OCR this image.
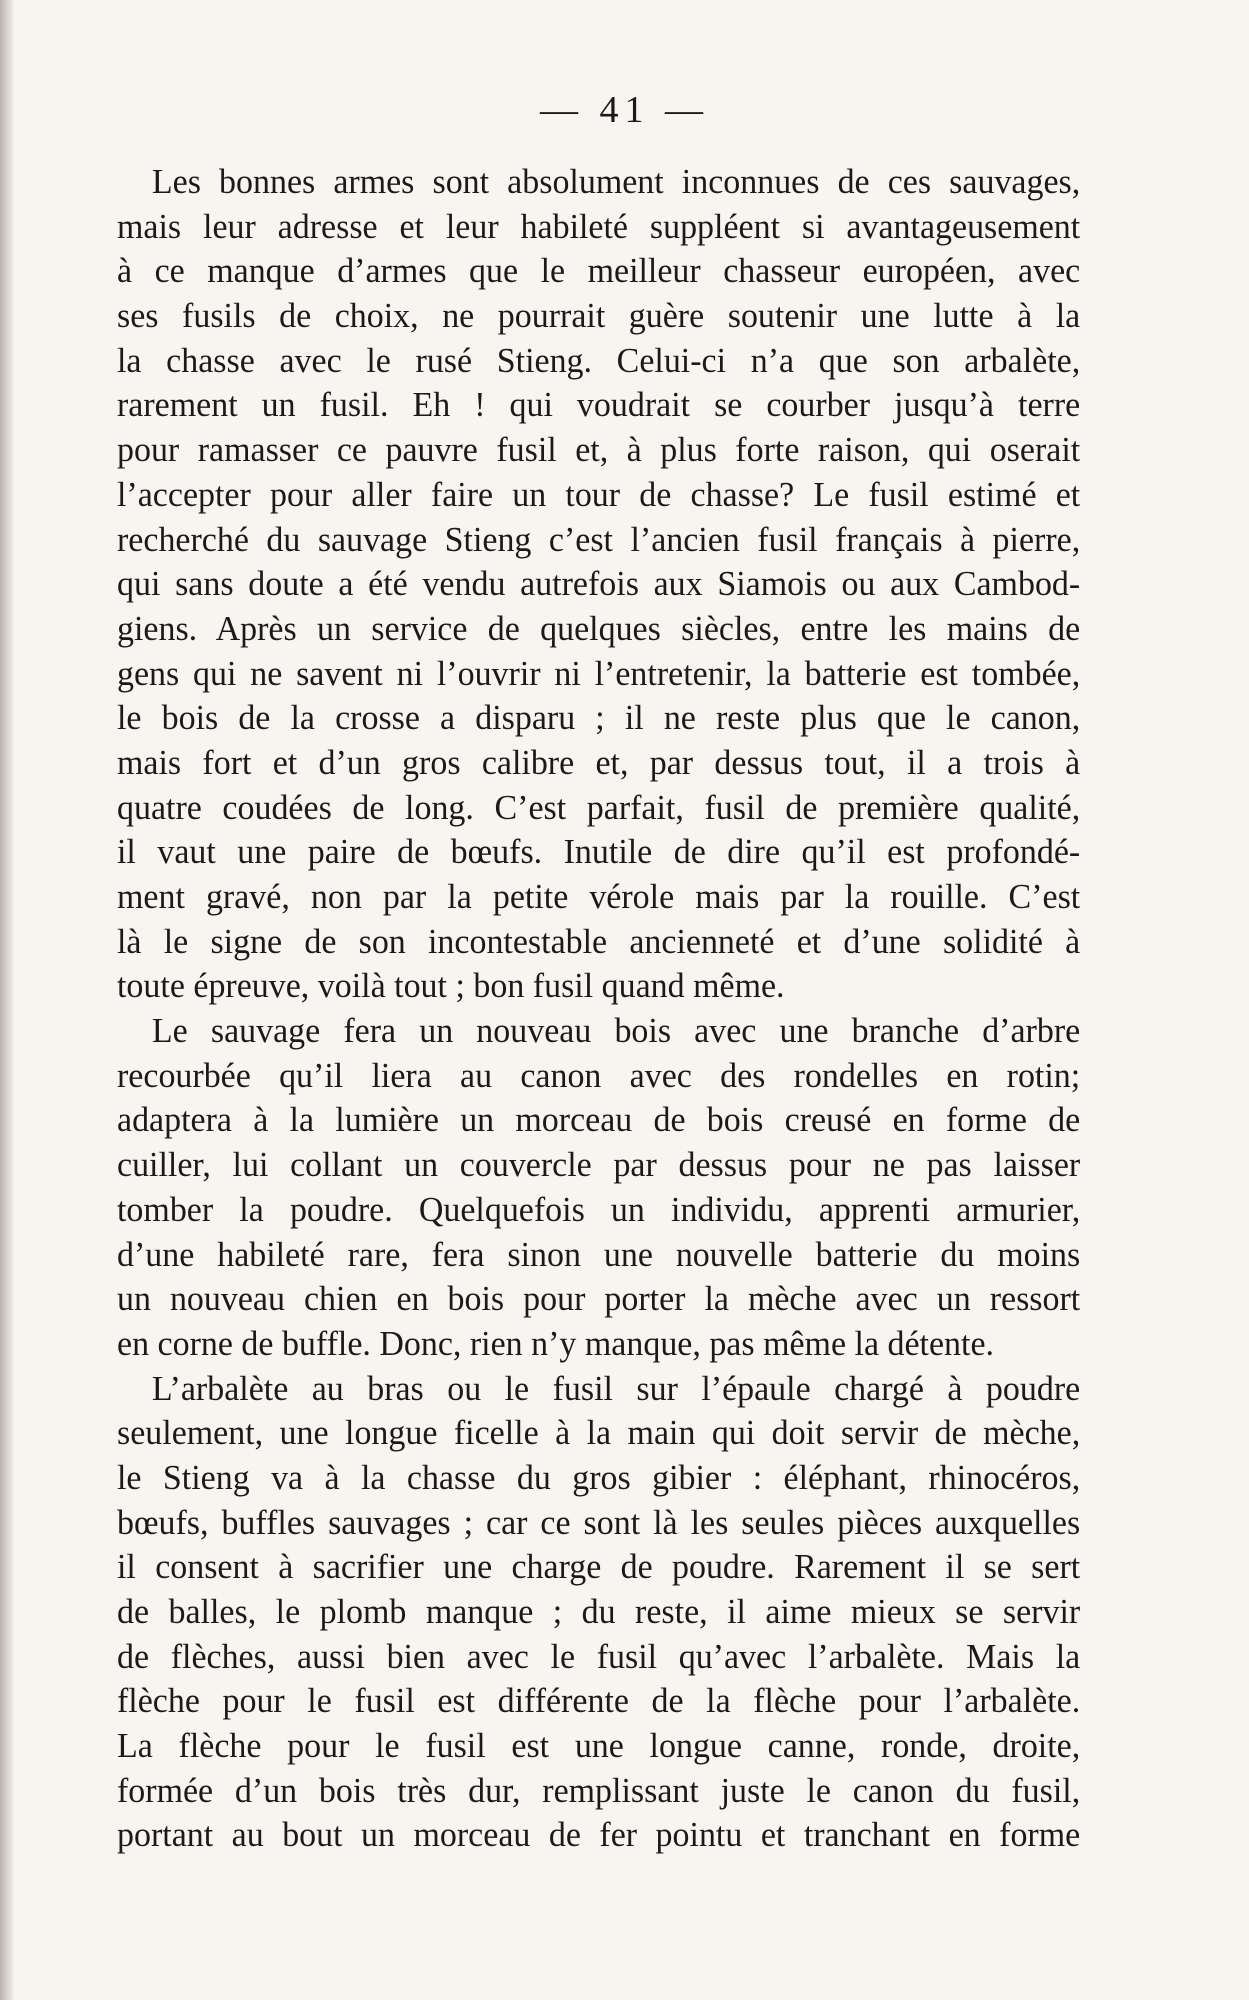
— 41 —
Les bonnes armes sont absolument inconnues de ces sauvages,
mais leur adresse et leur habileté suppléent si avantageusement
à ce manque d’armes que le meilleur chasseur européen, avec
ses fusils de choix, ne pourrait guère soutenir une lutte à la
la chasse avec le rusé Stieng. Celui-ci n’a que son arbalète,
rarement un fusil. Eh ! qui voudrait se courber jusqu’à terre
pour ramasser ce pauvre fusil et, à plus forte raison, qui oserait
l’accepter pour aller faire un tour de chasse? Le fusil estimé et
recherché du sauvage Stieng c’est l’ancien fusil français à pierre,
qui sans doute a été vendu autrefois aux Siamois ou aux Cambod-
giens. Après un service de quelques siècles, entre les mains de
gens qui ne savent ni l’ouvrir ni l’entretenir, la batterie est tombée,
le bois de la crosse a disparu ; il ne reste plus que le canon,
mais fort et d’un gros calibre et, par dessus tout, il a trois à
quatre coudées de long. C’est parfait, fusil de première qualité,
il vaut une paire de bœufs. Inutile de dire qu’il est profondé-
ment gravé, non par la petite vérole mais par la rouille. C’est
là le signe de son incontestable ancienneté et d’une solidité à
toute épreuve, voilà tout ; bon fusil quand même.
Le sauvage fera un nouveau bois avec une branche d’arbre
recourbée qu’il liera au canon avec des rondelles en rotin;
adaptera à la lumière un morceau de bois creusé en forme de
cuiller, lui collant un couvercle par dessus pour ne pas laisser
tomber la poudre. Quelquefois un individu, apprenti armurier,
d’une habileté rare, fera sinon une nouvelle batterie du moins
un nouveau chien en bois pour porter la mèche avec un ressort
en corne de buffle. Donc, rien n’y manque, pas même la détente.
L’arbalète au bras ou le fusil sur l’épaule chargé à poudre
seulement, une longue ficelle à la main qui doit servir de mèche,
le Stieng va à la chasse du gros gibier : éléphant, rhinocéros,
bœufs, buffles sauvages ; car ce sont là les seules pièces auxquelles
il consent à sacrifier une charge de poudre. Rarement il se sert
de balles, le plomb manque ; du reste, il aime mieux se servir
de flèches, aussi bien avec le fusil qu’avec l’arbalète. Mais la
flèche pour le fusil est différente de la flèche pour l’arbalète.
La flèche pour le fusil est une longue canne, ronde, droite,
formée d’un bois très dur, remplissant juste le canon du fusil,
portant au bout un morceau de fer pointu et tranchant en forme
